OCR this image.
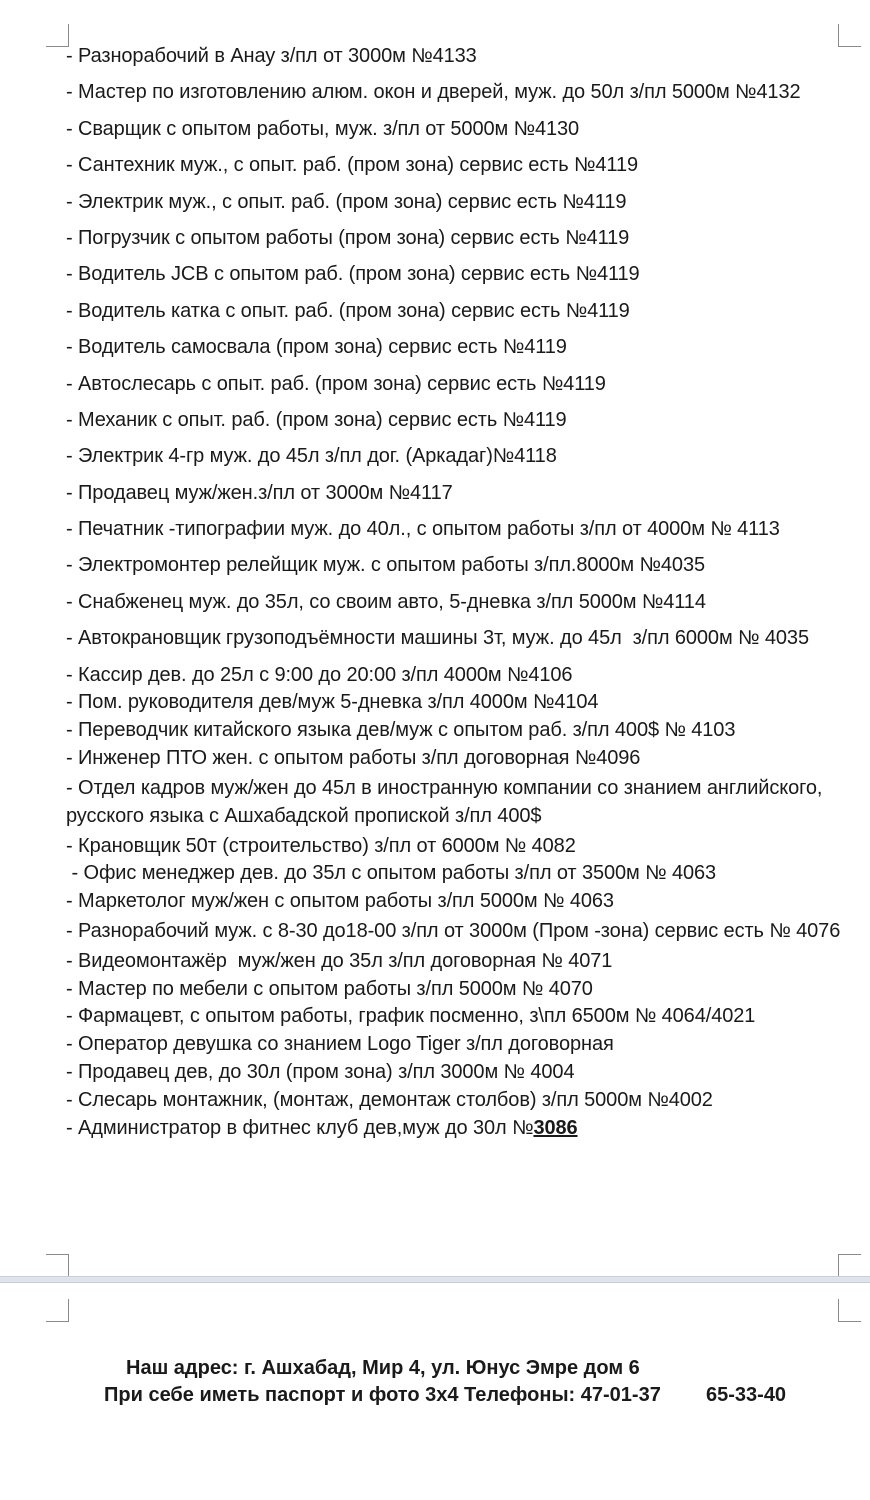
- Разнорабочий в Анау з/пл от 3000м №4133
- Мастер по изготовлению алюм. окон и дверей, муж. до 50л з/пл 5000м №4132
- Сварщик с опытом работы, муж. з/пл от 5000м №4130
- Сантехник муж., с опыт. раб. (пром зона) сервис есть №4119
- Электрик муж., с опыт. раб. (пром зона) сервис есть №4119
- Погрузчик с опытом работы (пром зона) сервис есть №4119
- Водитель JCB с опытом раб. (пром зона) сервис есть №4119
- Водитель катка с опыт. раб. (пром зона) сервис есть №4119
- Водитель самосвала (пром зона) сервис есть №4119
- Автослесарь с опыт. раб. (пром зона) сервис есть №4119
- Механик с опыт. раб. (пром зона) сервис есть №4119
- Электрик 4-гр муж. до 45л з/пл дог. (Аркадаг)№4118
- Продавец муж/жен.з/пл от 3000м №4117
- Печатник -типографии муж. до 40л., с опытом работы з/пл от 4000м № 4113
- Электромонтер релейщик муж. с опытом работы з/пл.8000м №4035
- Снабженец муж. до 35л, со своим авто, 5-дневка з/пл 5000м №4114
- Автокрановщик грузоподъёмности машины 3т, муж. до 45л  з/пл 6000м № 4035
- Кассир дев. до 25л с 9:00 до 20:00 з/пл 4000м №4106
- Пом. руководителя дев/муж 5-дневка з/пл 4000м №4104
- Переводчик китайского языка дев/муж с опытом раб. з/пл 400$ № 4103
- Инженер ПТО жен. с опытом работы з/пл договорная №4096
- Отдел кадров муж/жен до 45л в иностранную компании со знанием английского, русского языка с Ашхабадской пропиской з/пл 400$
- Крановщик 50т (строительство) з/пл от 6000м № 4082
- Офис менеджер дев. до 35л с опытом работы з/пл от 3500м № 4063
- Маркетолог муж/жен с опытом работы з/пл 5000м № 4063
- Разнорабочий муж. с 8-30 до18-00 з/пл от 3000м (Пром -зона) сервис есть № 4076
- Видеомонтажёр  муж/жен до 35л з/пл договорная № 4071
- Мастер по мебели с опытом работы з/пл 5000м № 4070
- Фармацевт, с опытом работы, график посменно, з\пл 6500м № 4064/4021
- Оператор девушка со знанием Logo Tiger з/пл договорная
- Продавец дев, до 30л (пром зона) з/пл 3000м № 4004
- Слесарь монтажник, (монтаж, демонтаж столбов) з/пл 5000м №4002
- Администратор в фитнес клуб дев,муж до 30л №3086
Наш адрес: г. Ашхабад, Мир 4, ул. Юнус Эмре дом 6
При себе иметь паспорт и фото 3х4 Телефоны: 47-01-37 65-33-40
